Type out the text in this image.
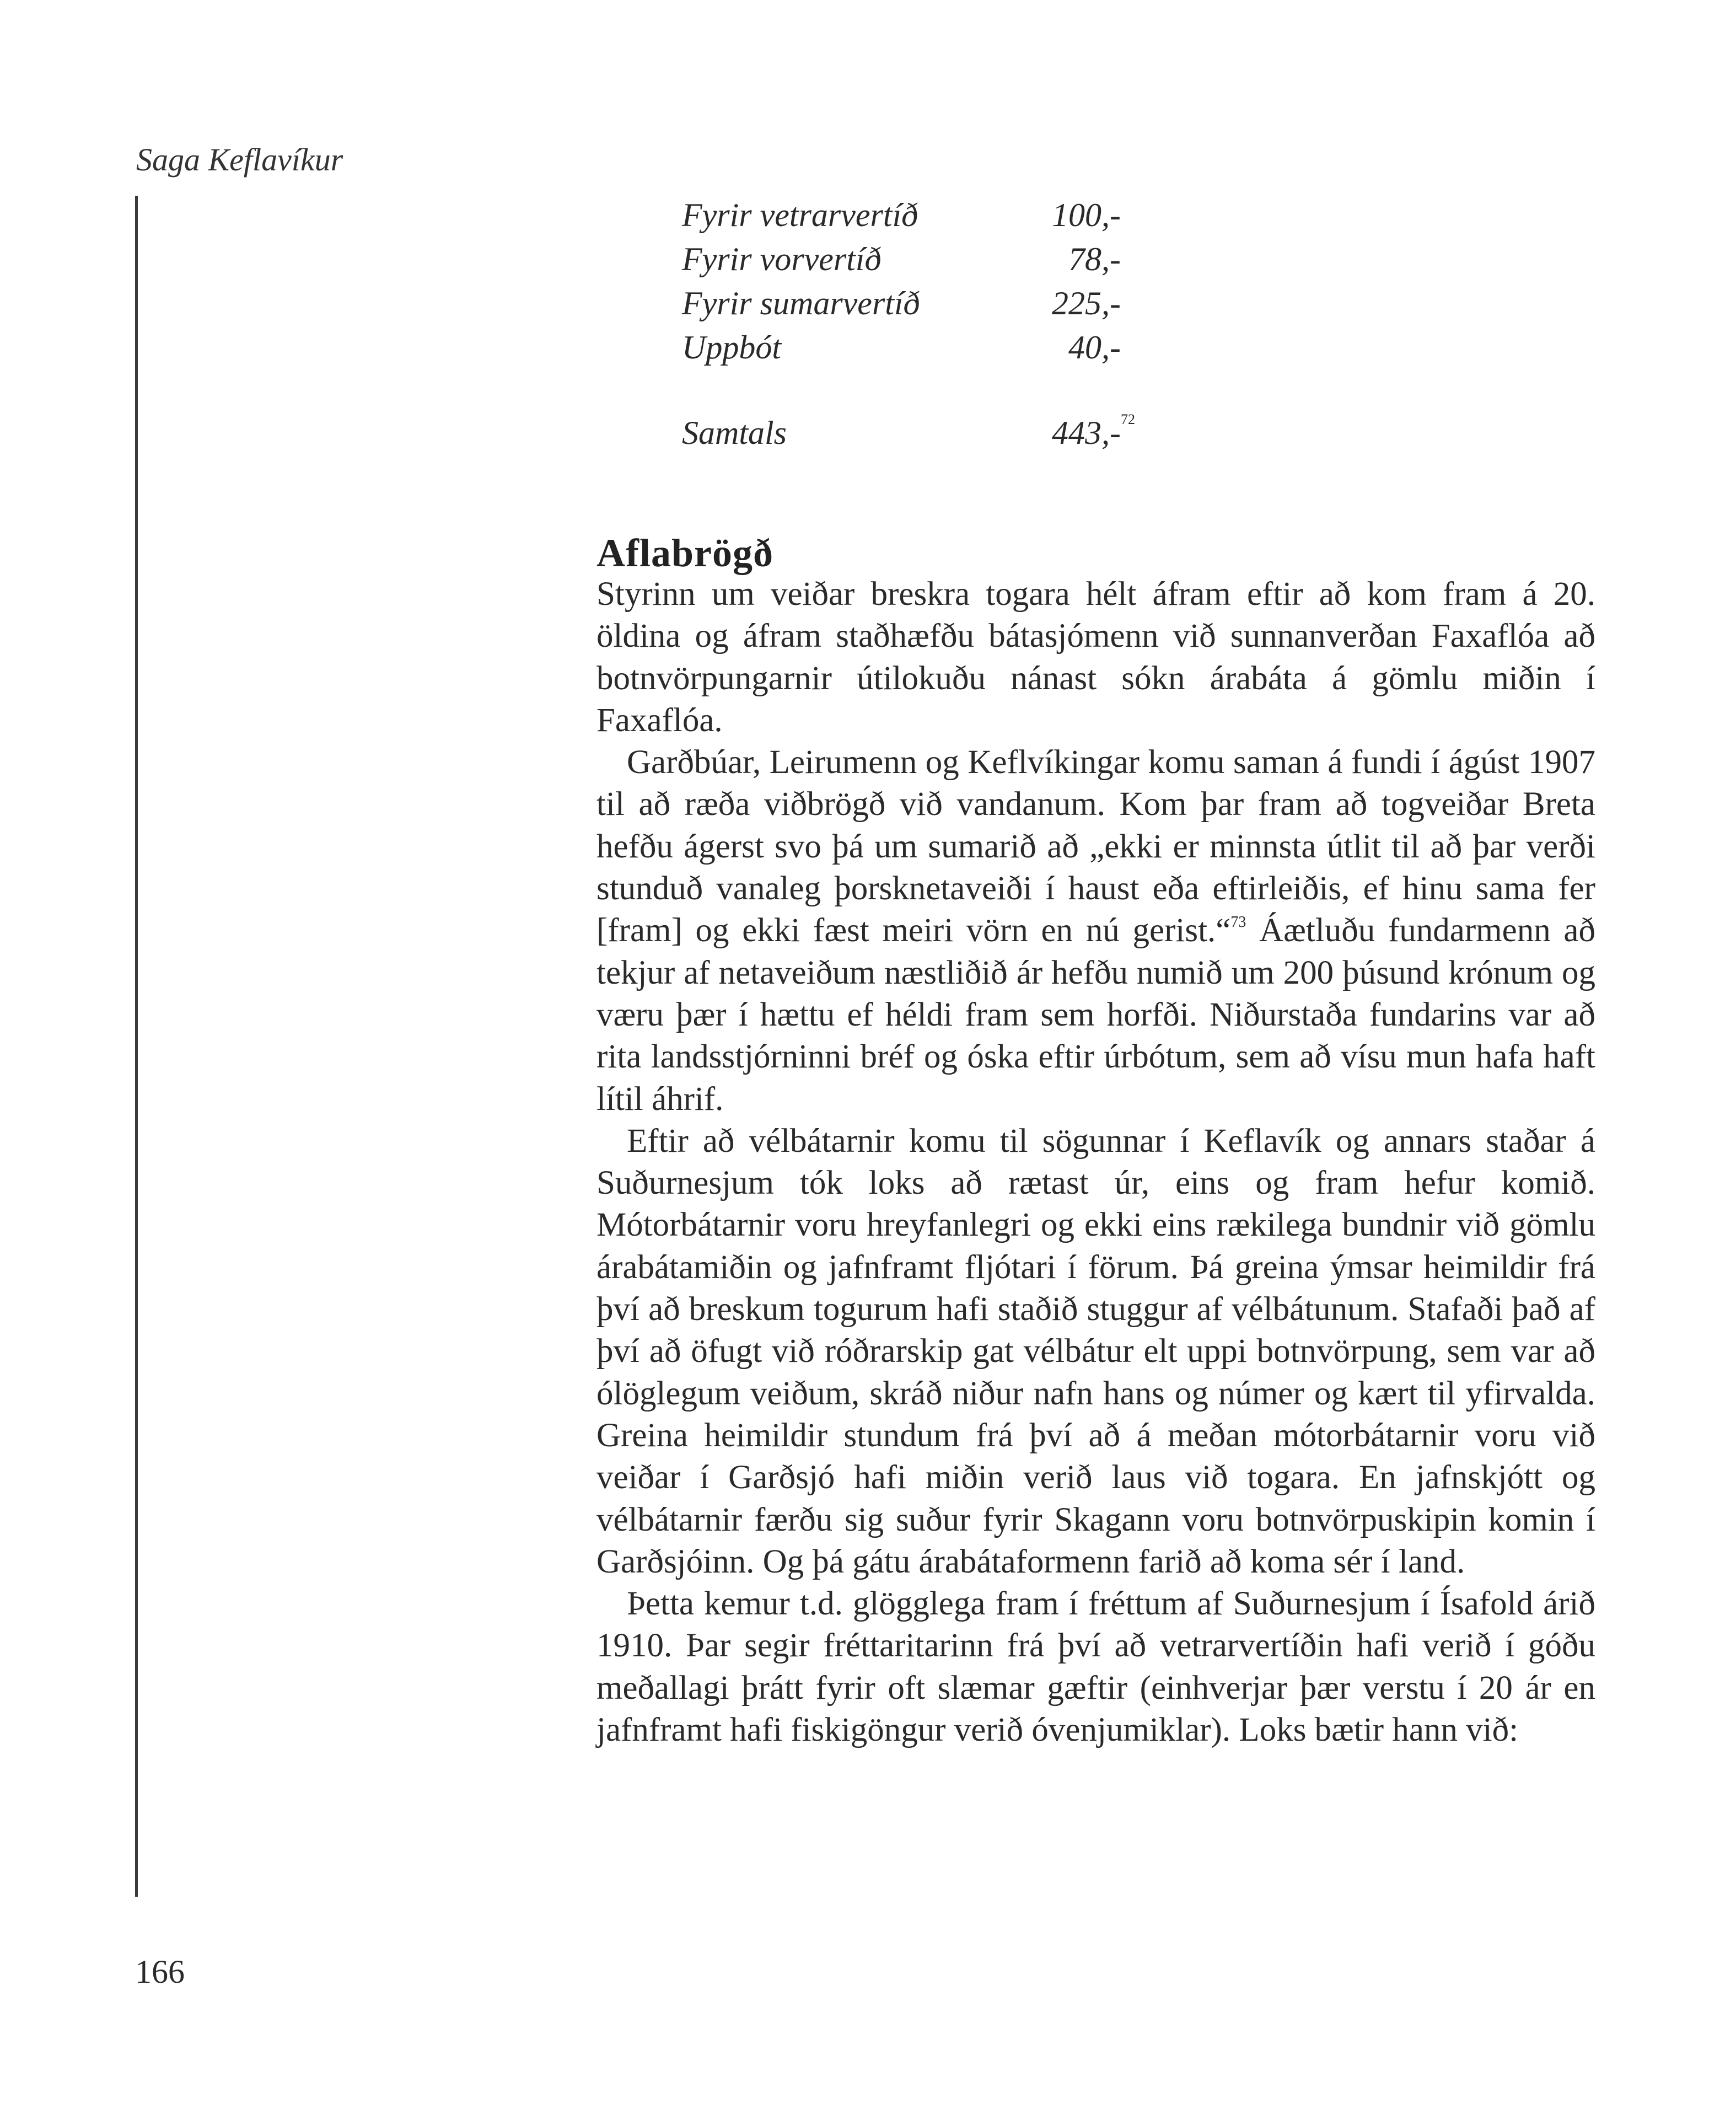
Saga Keflavíkur
Fyrir vetrarvertíð	100,-
Fyrir vorvertíð	78,-
Fyrir sumarvertíð	225,-
Uppbót	40,-
Samtals	443,- 72
Aflabrögð

Styrinn um veiðar breskra togara hélt áfram eftir að kom fram á 20. öldina og áfram staðhæfðu bátasjómenn við sunnanverðan Faxaflóa að botnvörpungarnir útilokuðu nánast sókn árabáta á gömlu miðin í Faxaflóa.

Garðbúar, Leirumenn og Keflvíkingar komu saman á fundi í ágúst 1907 til að ræða viðbrögð við vandanum. Kom þar fram að togveiðar Breta hefðu ágerst svo þá um sumarið að „ekki er minnsta útlit til að þar verði stunduð vanaleg þorsknetaveiði í haust eða eftirleiðis, ef hinu sama fer [fram] og ekki fæst meiri vörn en nú gerist.“$^{73}$ Áætluðu fundarmenn að tekjur af netaveiðum næstliðið ár hefðu numið um 200 þúsund krónum og væru þær í hættu ef héldi fram sem horfði. Niðurstaða fundarins var að rita landsstjórninni bréf og óska eftir úrbótum, sem að vísu mun hafa haft lítil áhrif.

Eftir að vélbátarnir komu til sögunnar í Keflavík og annars staðar á Suðurnesjum tók loks að rætast úr, eins og fram hefur komið. Mótorbátarnir voru hreyfanlegri og ekki eins rækilega bundnir við gömlu árabátamiðin og jafnframt fljótari í förum. Þá greina ýmsar heimildir frá því að breskum togurum hafi staðið stuggur af vélbátunum. Stafaði það af því að öfugt við róðrarskip gat vélbátur elt uppi botnvörpung, sem var að ólöglegum veiðum, skráð niður nafn hans og númer og kært til yfirvalda. Greina heimildir stundum frá því að á meðan mótorbátarnir voru við veiðar í Garðsjó hafi miðin verið laus við togara. En jafnskjótt og vélbátarnir færðu sig suður fyrir Skagann voru botnvörpuskipin komin í Garðsjóinn. Og þá gátu árabátaformenn farið að koma sér í land.

Þetta kemur t.d. glögglega fram í fréttum af Suðurnesjum í Ísafold árið 1910. Þar segir fréttaritarinn frá því að vetrarvertíðin hafi verið í góðu meðallagi þrátt fyrir oft slæmar gæftir (einhverjar þær verstu í 20 ár en jafnframt hafi fiskigöngur verið óvenjumiklar). Loks bætir hann við:

166
